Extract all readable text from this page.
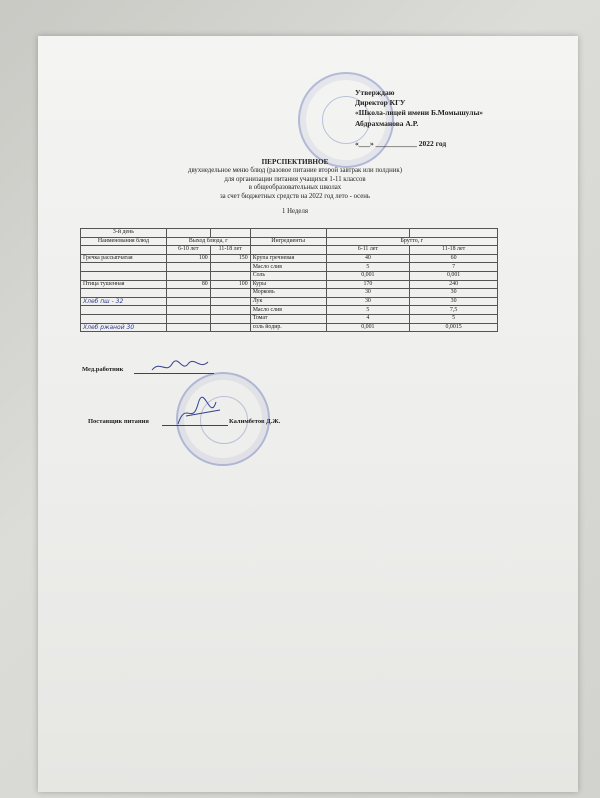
Утверждаю
Директор КГУ
«Школа-лицей имени Б.Момышулы»
Абдрахманова А.Р.
«___» ___________ 2022 год
ПЕРСПЕКТИВНОЕ
двухнедельное меню блюд (разовое питание второй завтрак или полдник)
для организации питания учащихся 1-11 классов
в общеобразовательных школах
за счет бюджетных средств на 2022 год лето - осень
1 Неделя
3-й день					
Наименования блюд	Выход блюда, г		Ингредиенты	Брутто, г	
	6-10 лет	11-18 лет		6-11 лет	11-18 лет
Гречка рассыпчатая	100	150	Крупа гречневая	40	60
			Масло слив	5	7
			Соль	0,001	0,001
Птица тушенная	80	100	Куры	170	240
			Морковь	30	30
Хлеб пш - 32			Лук	30	30
			Масло слив	5	7,5
			Томат	4	5
Хлеб ржаной 30			соль йодир.	0,001	0,0015
Мед.работник
Поставщик питания	Калимбетов Д.Ж.
